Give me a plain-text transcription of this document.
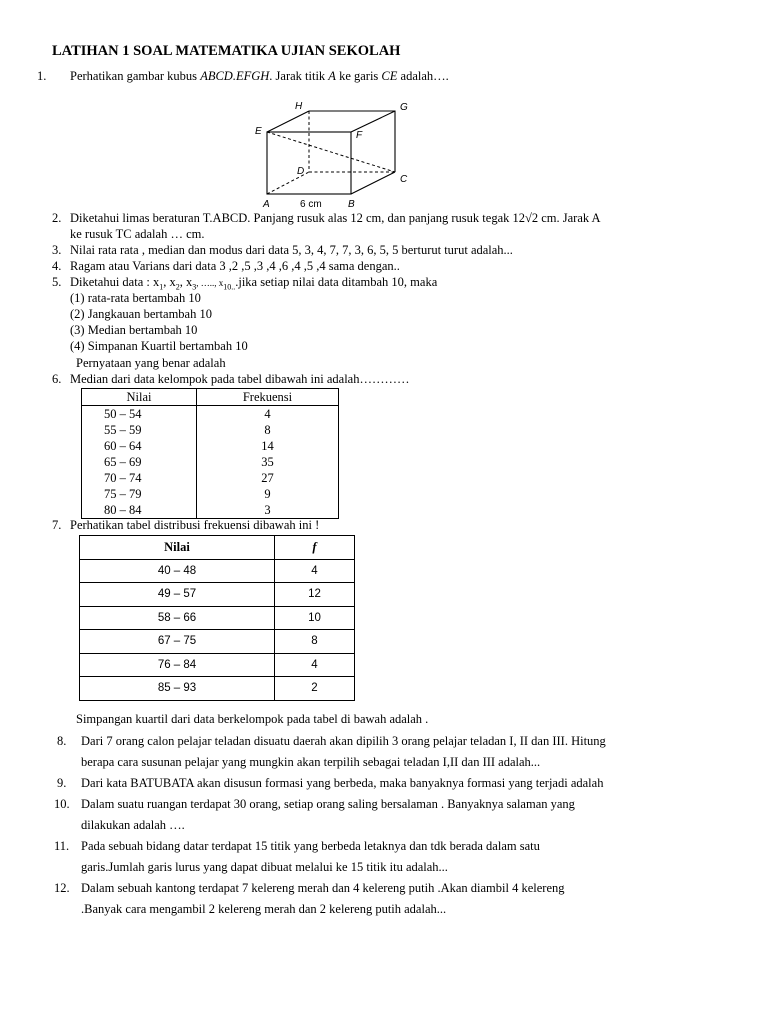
LATIHAN 1 SOAL MATEMATIKA UJIAN SEKOLAH
1. Perhatikan gambar kubus ABCD.EFGH. Jarak titik A ke garis CE adalah….
H	G
E	F
D
C
A	B
6 cm
2. Diketahui limas beraturan T.ABCD. Panjang rusuk alas 12 cm, dan panjang rusuk tegak 12√2 cm. Jarak A
ke rusuk TC adalah … cm.
3. Nilai rata rata , median dan modus dari data 5, 3, 4, 7, 7, 3, 6, 5, 5 berturut turut adalah...
4. Ragam atau Varians dari data 3 ,2 ,5 ,3 ,4 ,6 ,4 ,5 ,4 sama dengan..
5. Diketahui data : $x_1$, $x_2$, $x_3$, ….., $x_{10..}.jika$ setiap nilai data ditambah 10, maka
(1) rata-rata bertambah 10
(2) Jangkauan bertambah 10
(3) Median bertambah 10
(4) Simpanan Kuartil bertambah 10
Pernyataan yang benar adalah
6. Median dari data kelompok pada tabel dibawah ini adalah…………
Nilai	Frekuensi
50 – 54	4
55 – 59	8
60 – 64	14
65 – 69	35
70 – 74	27
75 – 79	9
80 – 84	3
7. Perhatikan tabel distribusi frekuensi dibawah ini !
Nilai	f
40 – 48	4
49 – 57	12
58 – 66	10
67 – 75	8
76 – 84	4
85 – 93	2
Simpangan kuartil dari data berkelompok pada tabel di bawah adalah .
8. Dari 7 orang calon pelajar teladan disuatu daerah akan dipilih 3 orang pelajar teladan I, II dan III. Hitung
berapa cara susunan pelajar yang mungkin akan terpilih sebagai teladan I,II dan III adalah...
9. Dari kata BATUBATA akan disusun formasi yang berbeda, maka banyaknya formasi yang terjadi adalah
10. Dalam suatu ruangan terdapat 30 orang, setiap orang saling bersalaman . Banyaknya salaman yang
dilakukan adalah ….
11. Pada sebuah bidang datar terdapat 15 titik yang berbeda letaknya dan tdk berada dalam satu
garis.Jumlah garis lurus yang dapat dibuat melalui ke 15 titik itu adalah...
12. Dalam sebuah kantong terdapat 7 kelereng merah dan 4 kelereng putih .Akan diambil 4 kelereng
.Banyak cara mengambil 2 kelereng merah dan 2 kelereng putih adalah...
